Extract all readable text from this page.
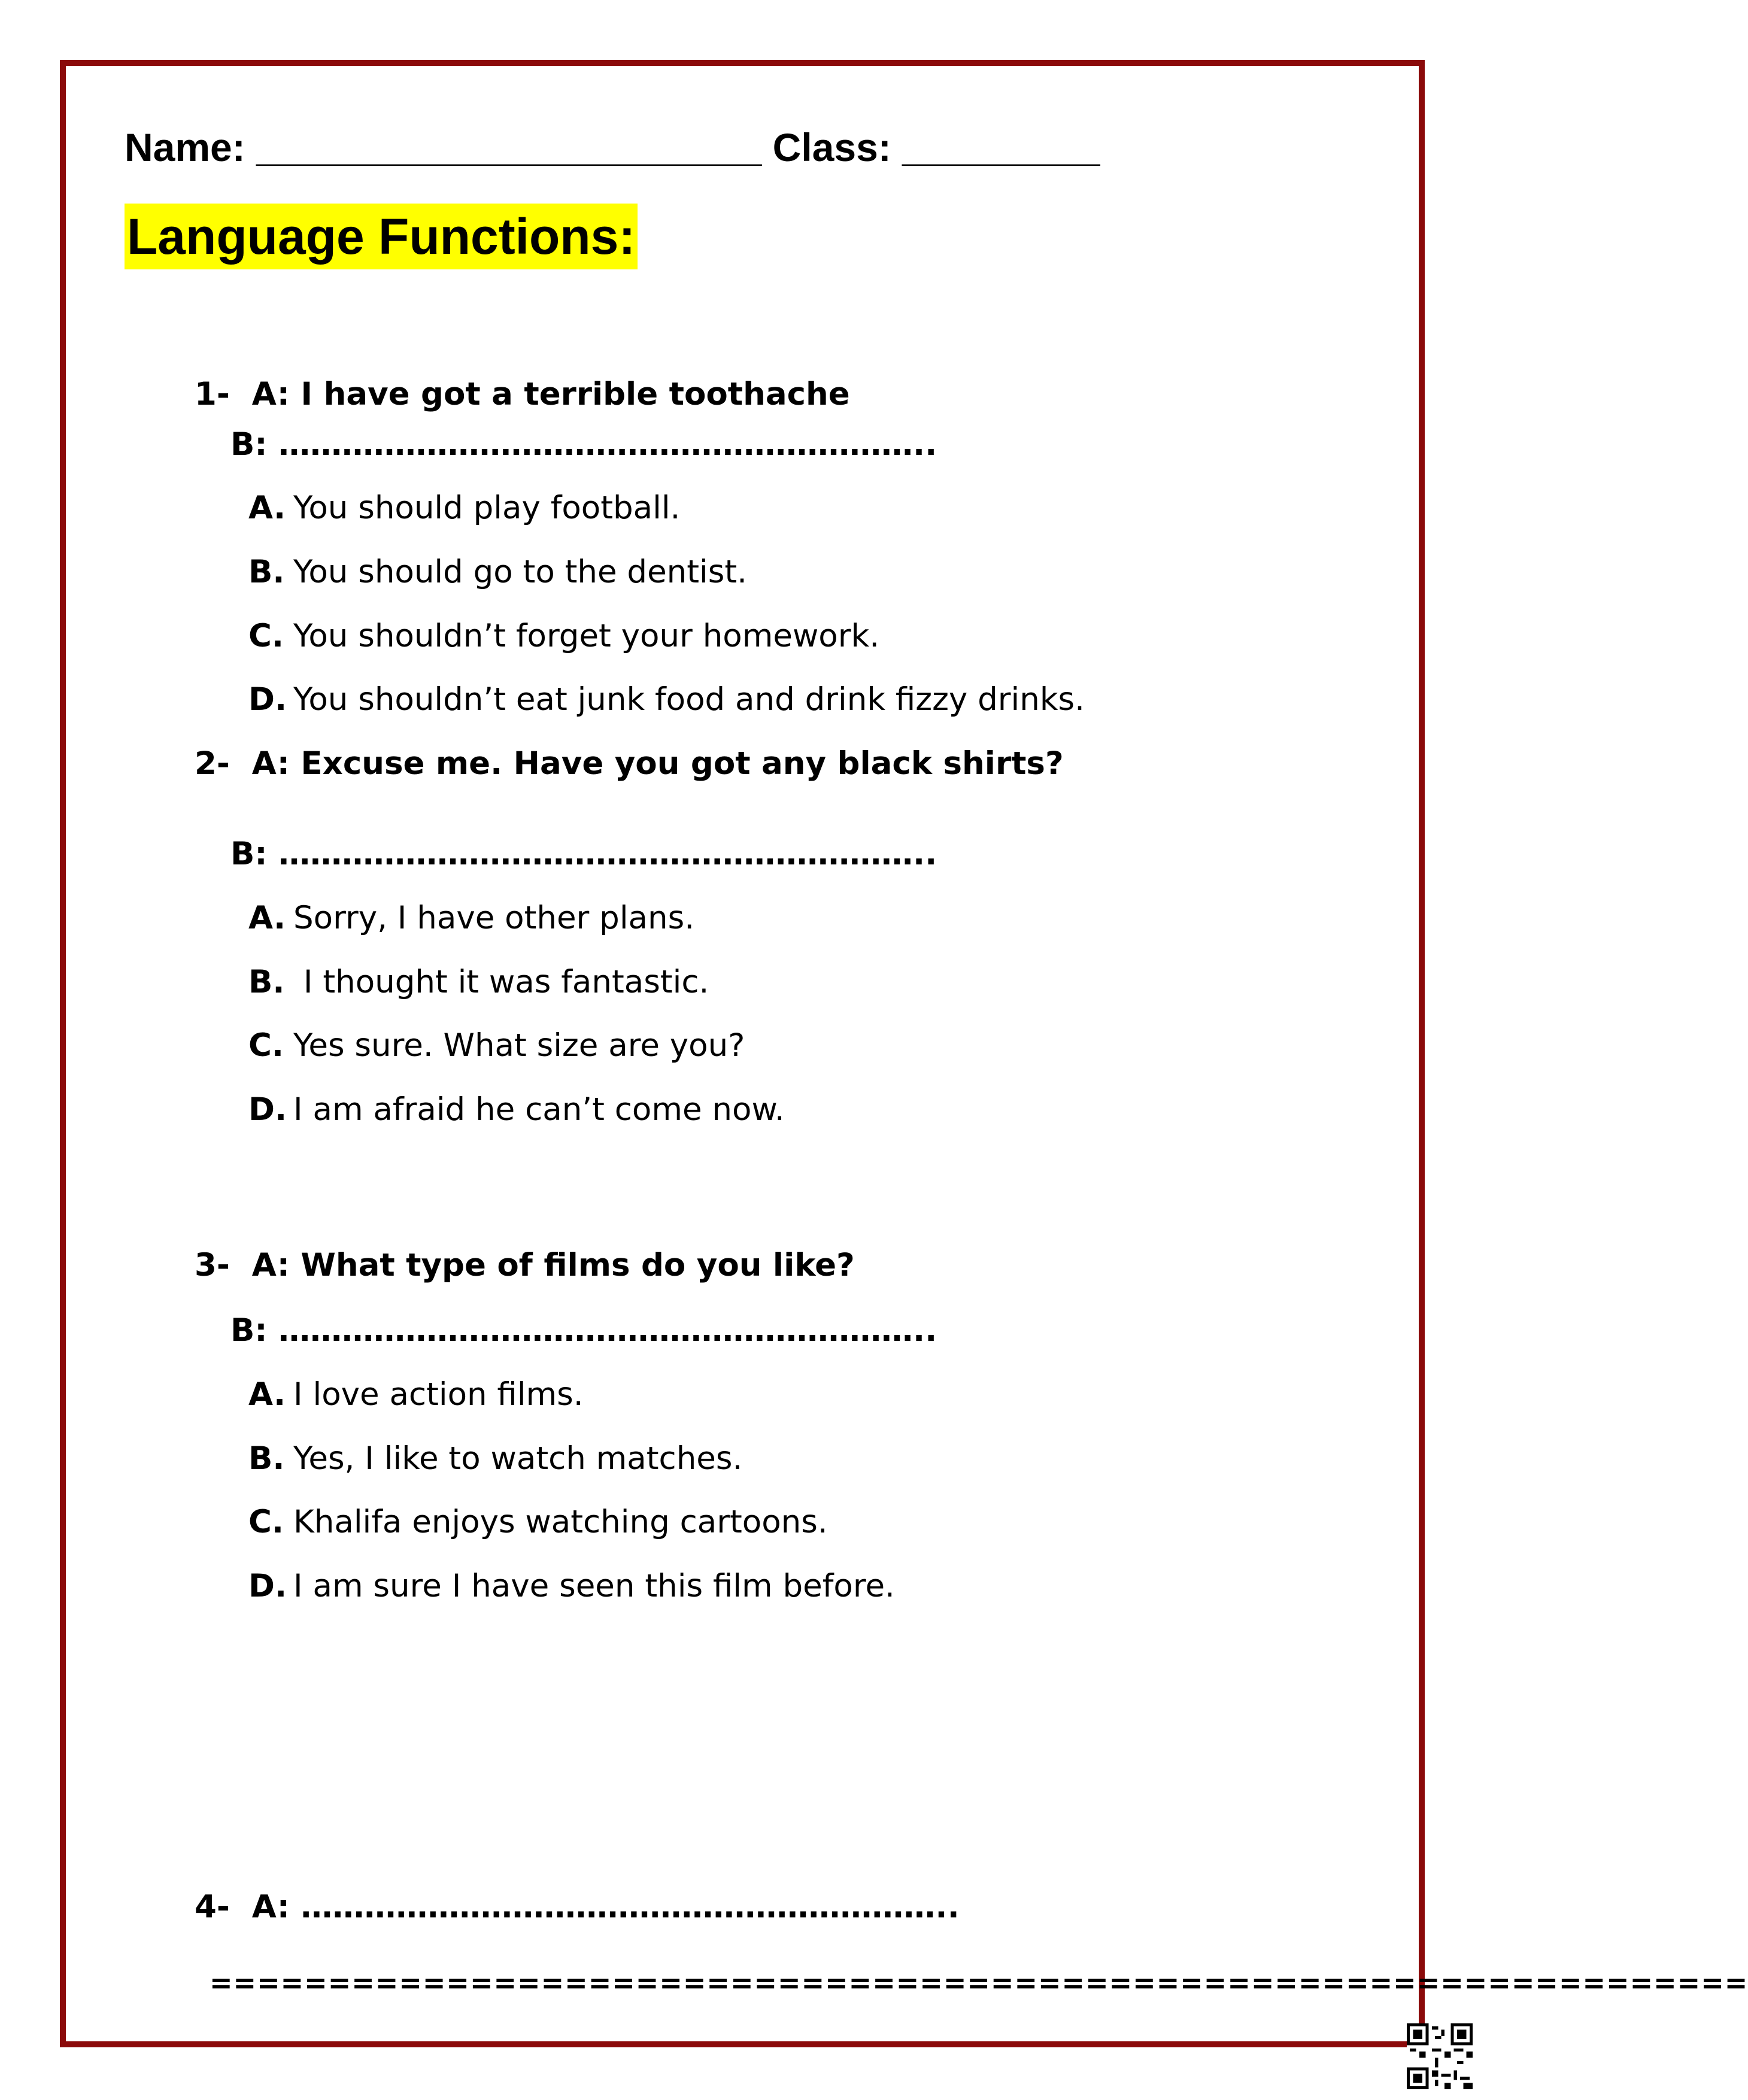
Name: _______________________ Class: _________
Language Functions:
1- A: I have got a terrible toothache
B: ……………………………………………………..
A. You should play football.
B. You should go to the dentist.
C. You shouldn’t forget your homework.
D. You shouldn’t eat junk food and drink fizzy drinks.
2- A: Excuse me. Have you got any black shirts?
B: ……………………………………………………..
A. Sorry, I have other plans.
B. I thought it was fantastic.
C. Yes sure. What size are you?
D. I am afraid he can’t come now.
3- A: What type of films do you like?
B: ……………………………………………………..
A. I love action films.
B. Yes, I like to watch matches.
C. Khalifa enjoys watching cartoons.
D. I am sure I have seen this film before.
4- A: ……………………………………………………..
=================================================================
